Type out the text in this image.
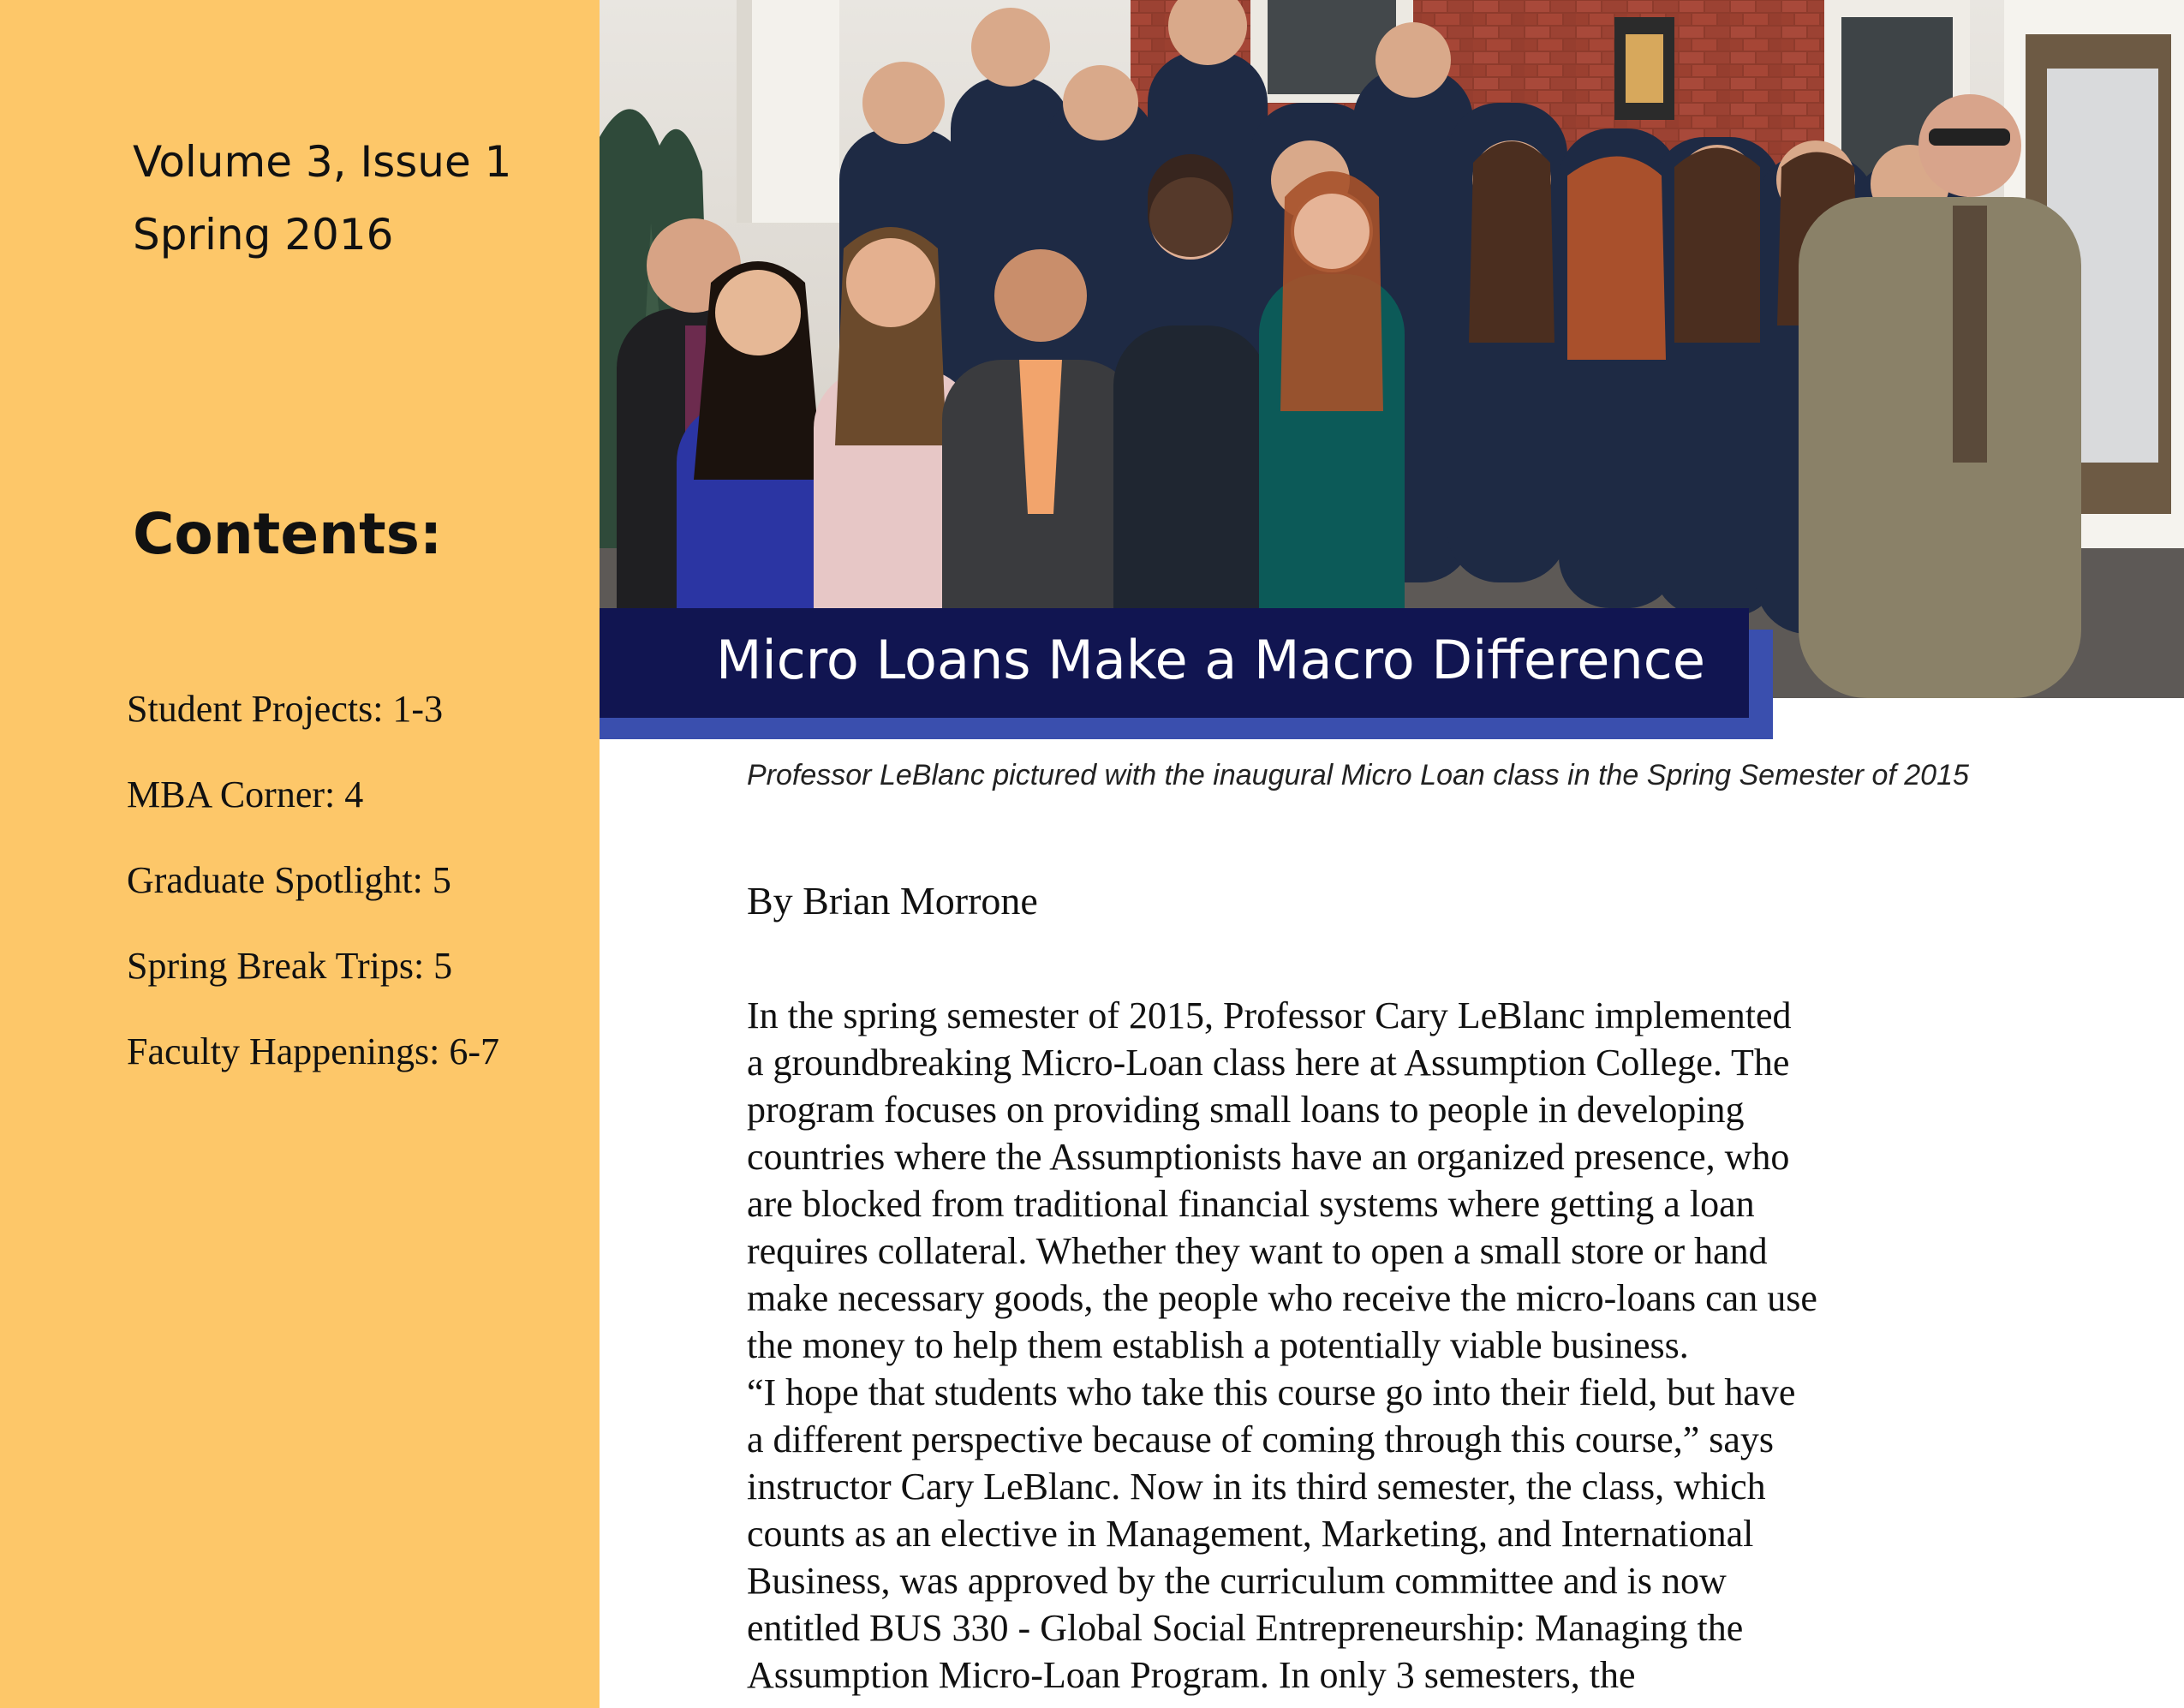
Volume 3, Issue 1
Spring 2016
Contents:
Student Projects: 1-3
MBA Corner: 4
Graduate Spotlight: 5
Spring Break Trips: 5
Faculty Happenings: 6-7
Micro Loans Make a Macro Difference
Professor LeBlanc pictured with the inaugural Micro Loan class in the Spring Semester of 2015
By Brian Morrone
In the spring semester of 2015, Professor Cary LeBlanc implemented
a groundbreaking Micro-Loan class here at Assumption College. The
program focuses on providing small loans to people in developing
countries where the Assumptionists have an organized presence, who
are blocked from traditional financial systems where getting a loan
requires collateral. Whether they want to open a small store or hand
make necessary goods, the people who receive the micro-loans can use
the money to help them establish a potentially viable business.
“I hope that students who take this course go into their field, but have
a different perspective because of coming through this course,” says
instructor Cary LeBlanc. Now in its third semester, the class, which
counts as an elective in Management, Marketing, and International
Business, was approved by the curriculum committee and is now
entitled BUS 330 - Global Social Entrepreneurship: Managing the
Assumption Micro-Loan Program. In only 3 semesters, the
